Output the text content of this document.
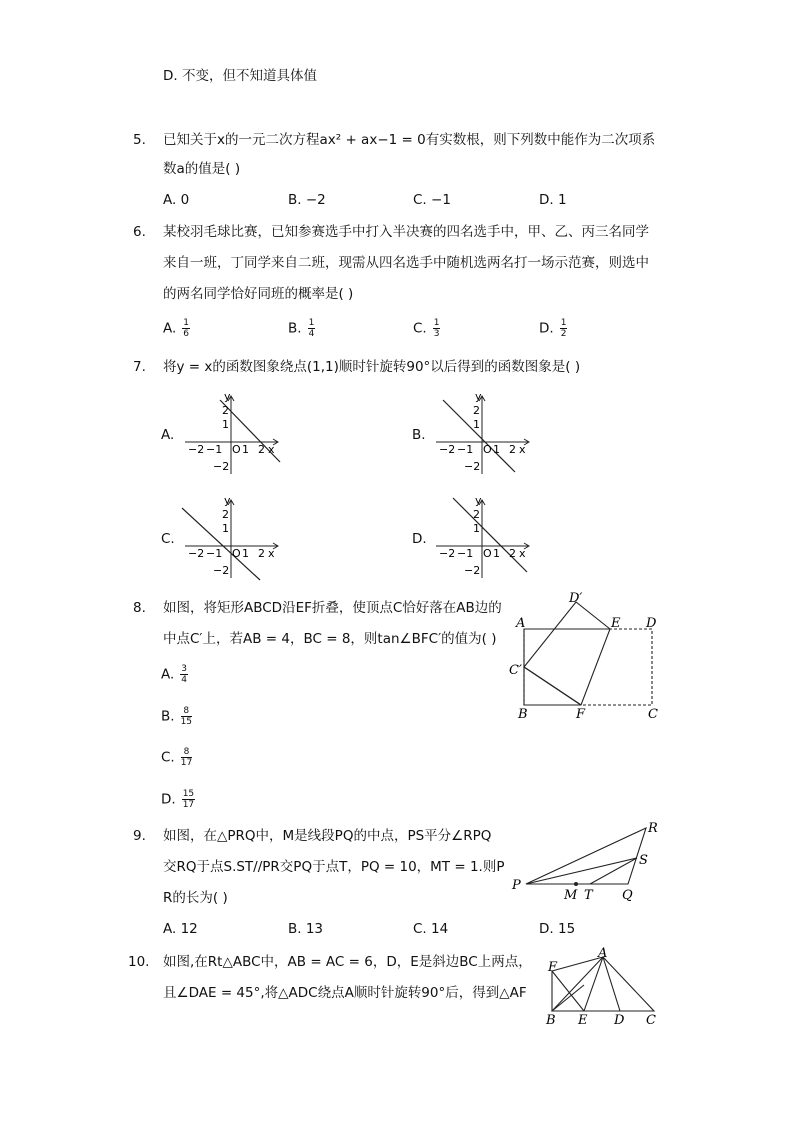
D. 不变，但不知道具体值
5. 已知关于x的一元二次方程ax² + ax−1 = 0有实数根，则下列数中能作为二次项系
数a的值是( )
A. 0	B. −2	C. −1	D. 1
6. 某校羽毛球比赛，已知参赛选手中打入半决赛的四名选手中，甲、乙、丙三名同学
来自一班，丁同学来自二班，现需从四名选手中随机选两名打一场示范赛，则选中
的两名同学恰好同班的概率是( )
A. $\frac{1}{6}$	B. $\frac{1}{4}$	C. $\frac{1}{3}$	D. $\frac{1}{2}$
7. 将y = x的函数图象绕点(1,1)顺时针旋转90°以后得到的函数图象是( )
A.	B.
C.	D.
y
2
1
O 1 2 x
−2 −1
−2
y
2
1
O 1 2 x
−2 −1
−2
y
2
1
O 1 2 x
−2 −1
−2
y
2
1
O 1 2 x
−2 −1
−2
8. 如图，将矩形ABCD沿EF折叠，使顶点C恰好落在AB边的
中点C′上，若AB = 4，BC = 8，则tan∠BFC′的值为( )
A. $\frac{3}{4}$
B. $\frac{8}{15}$
C. $\frac{8}{17}$
D. $\frac{15}{17}$
A
D′
E D
C′
B	F	C
9. 如图，在△PRQ中，M是线段PQ的中点，PS平分∠RPQ
交RQ于点S.ST//PR交PQ于点T，PQ = 10，MT = 1.则P
R的长为( )
A. 12	B. 13	C. 14	D. 15
P
R
S
M T Q
10. 如图,在Rt△ABC中，AB = AC = 6，D，E是斜边BC上两点，
且∠DAE = 45°,将△ADC绕点A顺时针旋转90°后，得到△AF
F
A
B E D C
